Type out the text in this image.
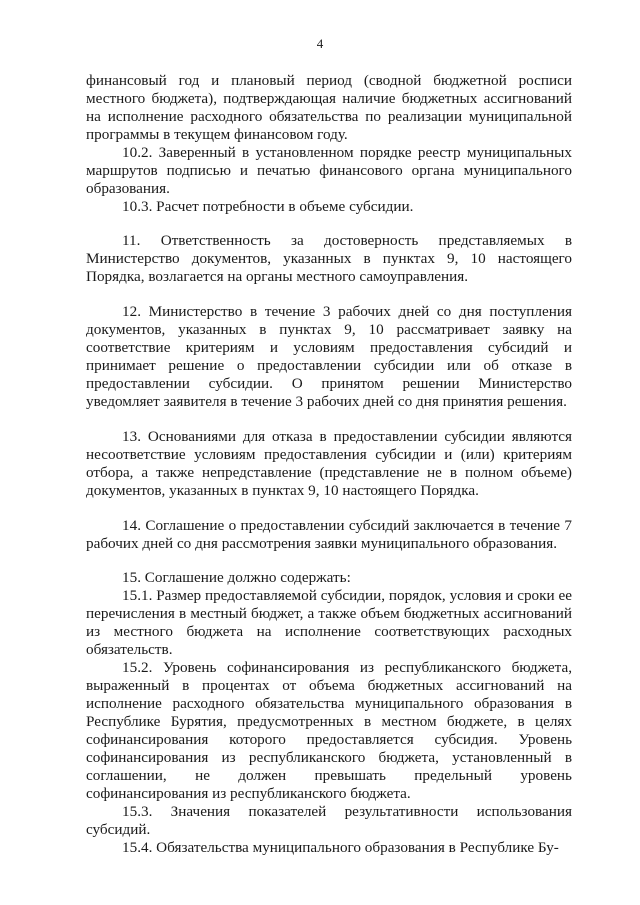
4

финансовый год и плановый период (сводной бюджетной росписи местного бюджета), подтверждающая наличие бюджетных ассигнований на исполнение расходного обязательства по реализации муниципальной программы в текущем финансовом году.

10.2. Заверенный в установленном порядке реестр муниципальных маршрутов подписью и печатью финансового органа муниципального образования.

10.3. Расчет потребности в объеме субсидии.

11. Ответственность за достоверность представляемых в Министерство документов, указанных в пунктах 9, 10 настоящего Порядка, возлагается на органы местного самоуправления.

12. Министерство в течение 3 рабочих дней со дня поступления документов, указанных в пунктах 9, 10 рассматривает заявку на соответствие критериям и условиям предоставления субсидий и принимает решение о предоставлении субсидии или об отказе в предоставлении субсидии. О принятом решении Министерство уведомляет заявителя в течение 3 рабочих дней со дня принятия решения.

13. Основаниями для отказа в предоставлении субсидии являются несоответствие условиям предоставления субсидии и (или) критериям отбора, а также непредставление (представление не в полном объеме) документов, указанных в пунктах 9, 10 настоящего Порядка.

14. Соглашение о предоставлении субсидий заключается в течение 7 рабочих дней со дня рассмотрения заявки муниципального образования.

15. Соглашение должно содержать:

15.1. Размер предоставляемой субсидии, порядок, условия и сроки ее перечисления в местный бюджет, а также объем бюджетных ассигнований из местного бюджета на исполнение соответствующих расходных обязательств.

15.2. Уровень софинансирования из республиканского бюджета, выраженный в процентах от объема бюджетных ассигнований на исполнение расходного обязательства муниципального образования в Республике Бурятия, предусмотренных в местном бюджете, в целях софинансирования которого предоставляется субсидия. Уровень софинансирования из республиканского бюджета, установленный в соглашении, не должен превышать предельный уровень софинансирования из республиканского бюджета.

15.3. Значения показателей результативности использования субсидий.

15.4. Обязательства муниципального образования в Республике Бу-
